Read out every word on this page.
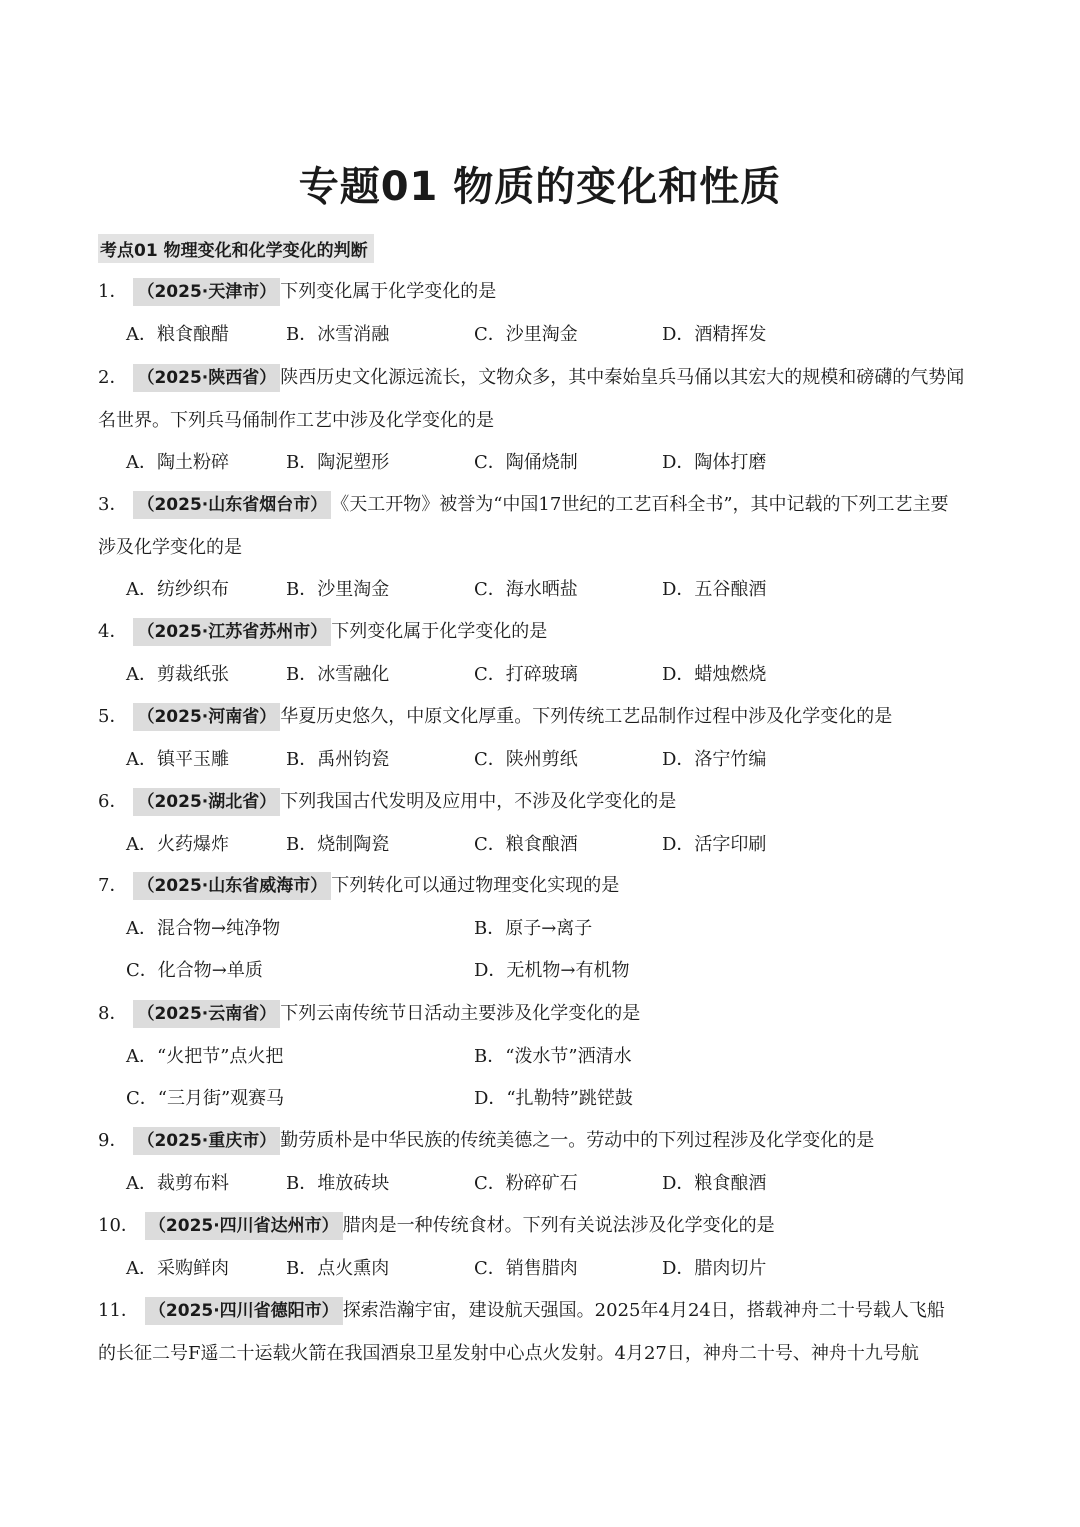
专题01 物质的变化和性质
考点01 物理变化和化学变化的判断
1． （2025·天津市） 下列变化属于化学变化的是
A．粮食酿醋	B．冰雪消融	C．沙里淘金	D．酒精挥发
2． （2025·陕西省） 陕西历史文化源远流长，文物众多，其中秦始皇兵马俑以其宏大的规模和磅礴的气势闻
名世界。下列兵马俑制作工艺中涉及化学变化的是
A．陶土粉碎	B．陶泥塑形	C．陶俑烧制	D．陶体打磨
3． （2025·山东省烟台市） 《天工开物》被誉为“中国17世纪的工艺百科全书”，其中记载的下列工艺主要
涉及化学变化的是
A．纺纱织布	B．沙里淘金	C．海水晒盐	D．五谷酿酒
4． （2025·江苏省苏州市） 下列变化属于化学变化的是
A．剪裁纸张	B．冰雪融化	C．打碎玻璃	D．蜡烛燃烧
5． （2025·河南省） 华夏历史悠久，中原文化厚重。下列传统工艺品制作过程中涉及化学变化的是
A．镇平玉雕	B．禹州钧瓷	C．陕州剪纸	D．洛宁竹编
6． （2025·湖北省） 下列我国古代发明及应用中，不涉及化学变化的是
A．火药爆炸	B．烧制陶瓷	C．粮食酿酒	D．活字印刷
7． （2025·山东省威海市） 下列转化可以通过物理变化实现的是
A．混合物→纯净物	B．原子→离子
C．化合物→单质	D．无机物→有机物
8． （2025·云南省） 下列云南传统节日活动主要涉及化学变化的是
A．“火把节”点火把	B．“泼水节”洒清水
C．“三月街”观赛马	D．“扎勒特”跳铓鼓
9． （2025·重庆市） 勤劳质朴是中华民族的传统美德之一。劳动中的下列过程涉及化学变化的是
A．裁剪布料	B．堆放砖块	C．粉碎矿石	D．粮食酿酒
10． （2025·四川省达州市） 腊肉是一种传统食材。下列有关说法涉及化学变化的是
A．采购鲜肉	B．点火熏肉	C．销售腊肉	D．腊肉切片
11． （2025·四川省德阳市） 探索浩瀚宇宙，建设航天强国。2025年4月24日，搭载神舟二十号载人飞船
的长征二号F遥二十运载火箭在我国酒泉卫星发射中心点火发射。4月27日，神舟二十号、神舟十九号航
